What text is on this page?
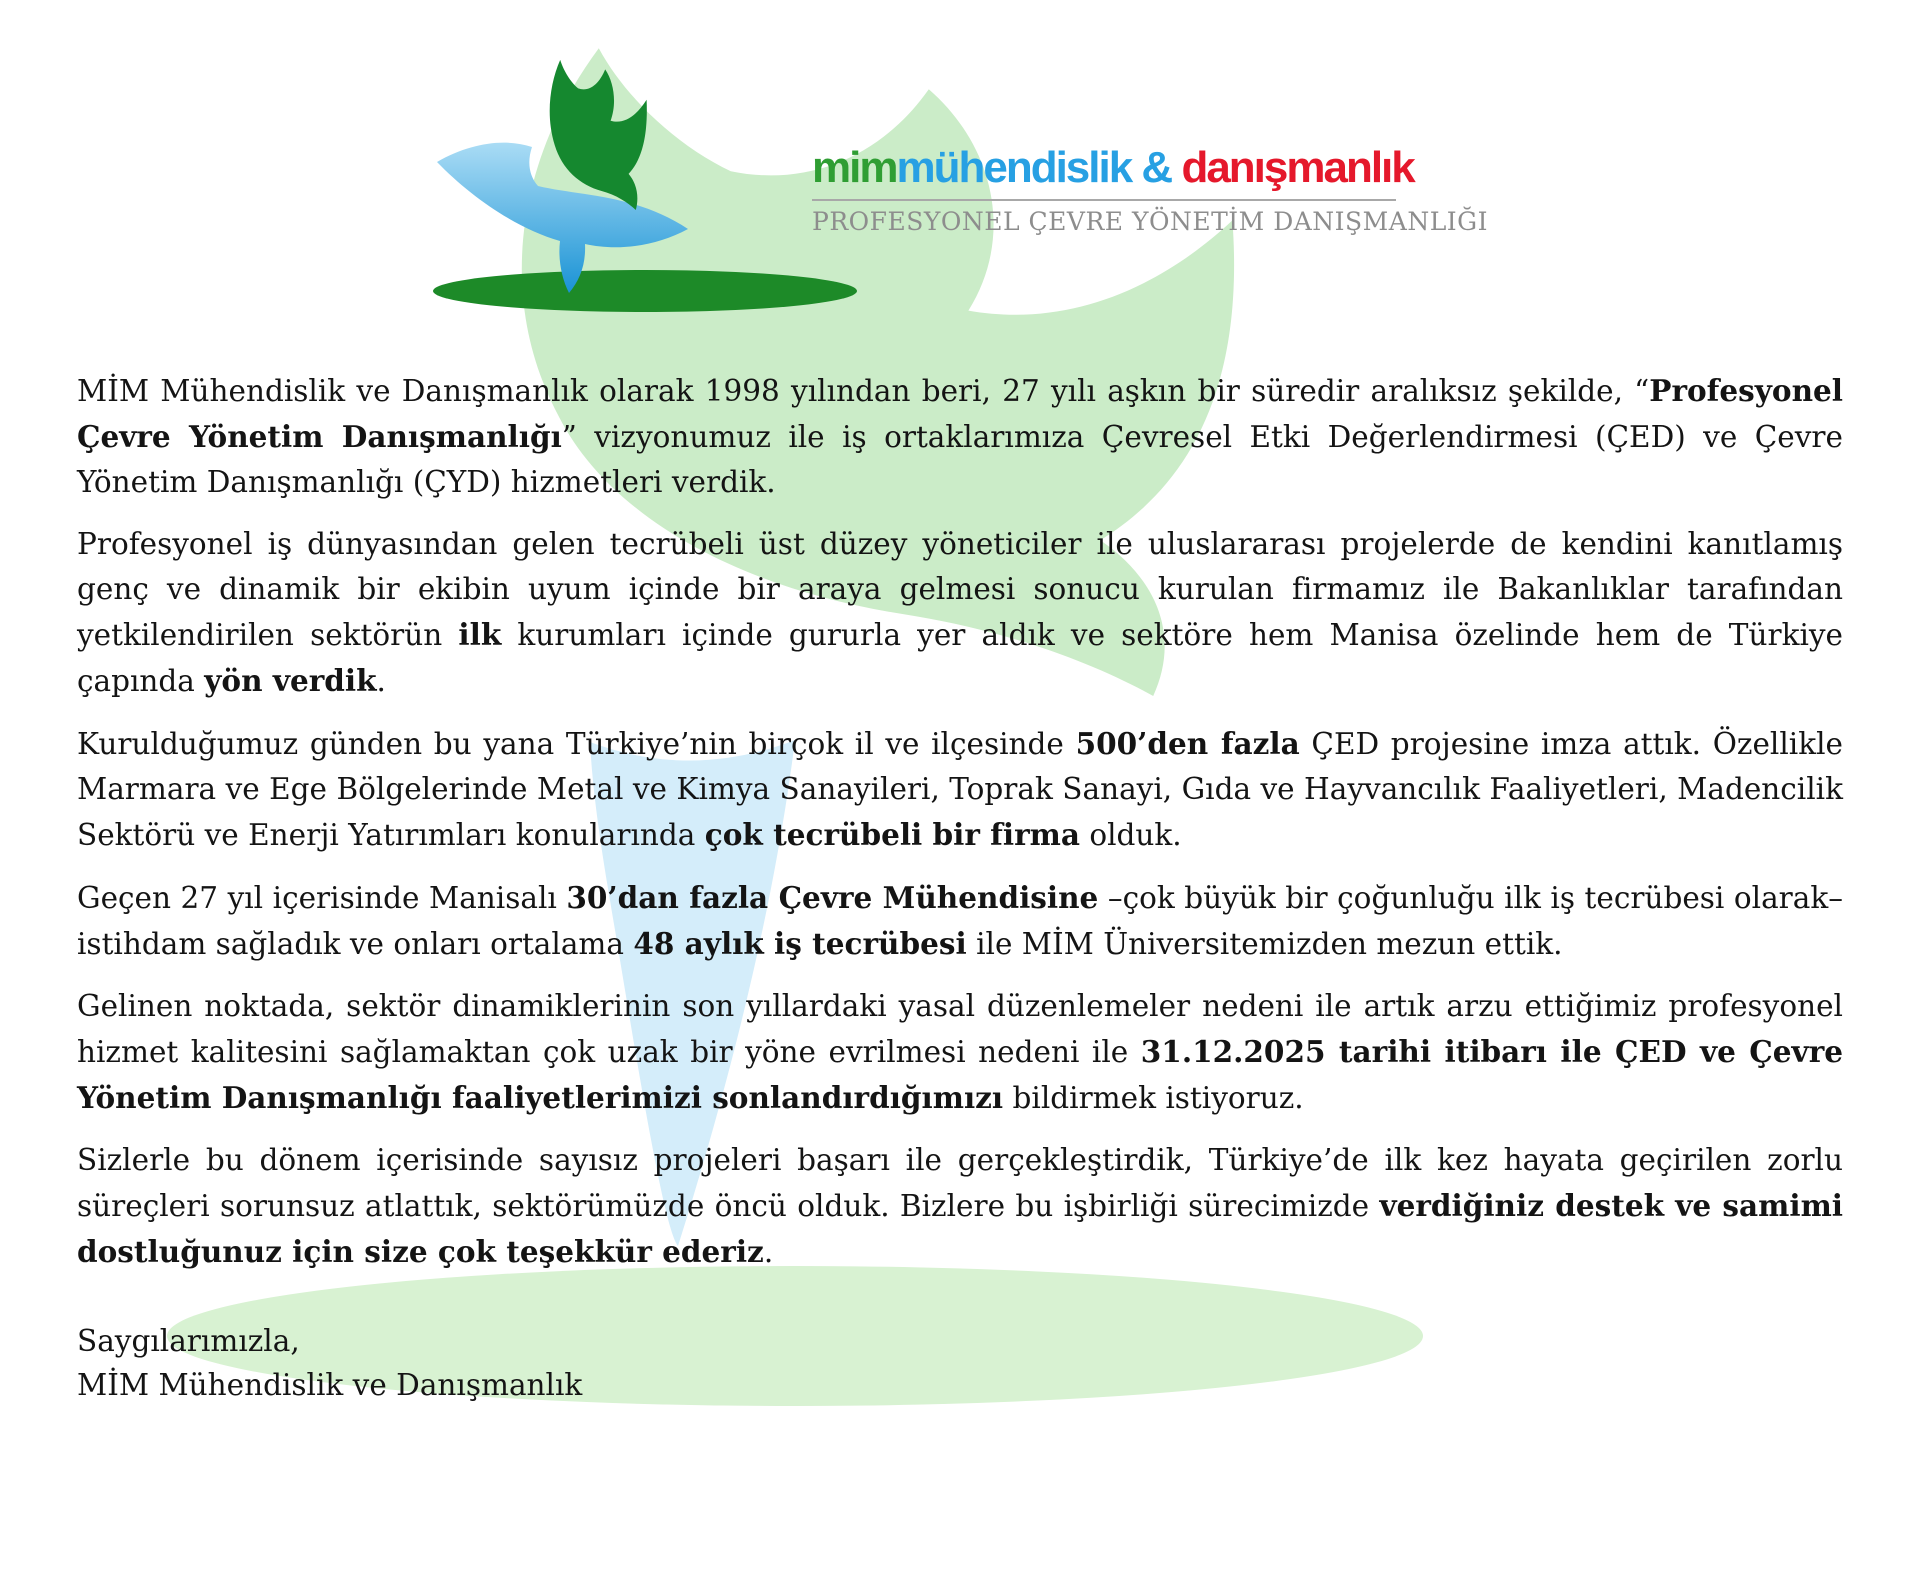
mimmühendislik & danışmanlık
PROFESYONEL ÇEVRE YÖNETİM DANIŞMANLIĞI

MİM Mühendislik ve Danışmanlık olarak 1998 yılından beri, 27 yılı aşkın bir süredir aralıksız şekilde, “Profesyonel Çevre Yönetim Danışmanlığı” vizyonumuz ile iş ortaklarımıza Çevresel Etki Değerlendirmesi (ÇED) ve Çevre Yönetim Danışmanlığı (ÇYD) hizmetleri verdik.

Profesyonel iş dünyasından gelen tecrübeli üst düzey yöneticiler ile uluslararası projelerde de kendini kanıtlamış genç ve dinamik bir ekibin uyum içinde bir araya gelmesi sonucu kurulan firmamız ile Bakanlıklar tarafından yetkilendirilen sektörün ilk kurumları içinde gururla yer aldık ve sektöre hem Manisa özelinde hem de Türkiye çapında yön verdik.

Kurulduğumuz günden bu yana Türkiye’nin birçok il ve ilçesinde 500’den fazla ÇED projesine imza attık. Özellikle Marmara ve Ege Bölgelerinde Metal ve Kimya Sanayileri, Toprak Sanayi, Gıda ve Hayvancılık Faaliyetleri, Madencilik Sektörü ve Enerji Yatırımları konularında çok tecrübeli bir firma olduk.

Geçen 27 yıl içerisinde Manisalı 30’dan fazla Çevre Mühendisine –çok büyük bir çoğunluğu ilk iş tecrübesi olarak– istihdam sağladık ve onları ortalama 48 aylık iş tecrübesi ile MİM Üniversitemizden mezun ettik.

Gelinen noktada, sektör dinamiklerinin son yıllardaki yasal düzenlemeler nedeni ile artık arzu ettiğimiz profesyonel hizmet kalitesini sağlamaktan çok uzak bir yöne evrilmesi nedeni ile 31.12.2025 tarihi itibarı ile ÇED ve Çevre Yönetim Danışmanlığı faaliyetlerimizi sonlandırdığımızı bildirmek istiyoruz.

Sizlerle bu dönem içerisinde sayısız projeleri başarı ile gerçekleştirdik, Türkiye’de ilk kez hayata geçirilen zorlu süreçleri sorunsuz atlattık, sektörümüzde öncü olduk. Bizlere bu işbirliği sürecimizde verdiğiniz destek ve samimi dostluğunuz için size çok teşekkür ederiz.

Saygılarımızla,
MİM Mühendislik ve Danışmanlık
